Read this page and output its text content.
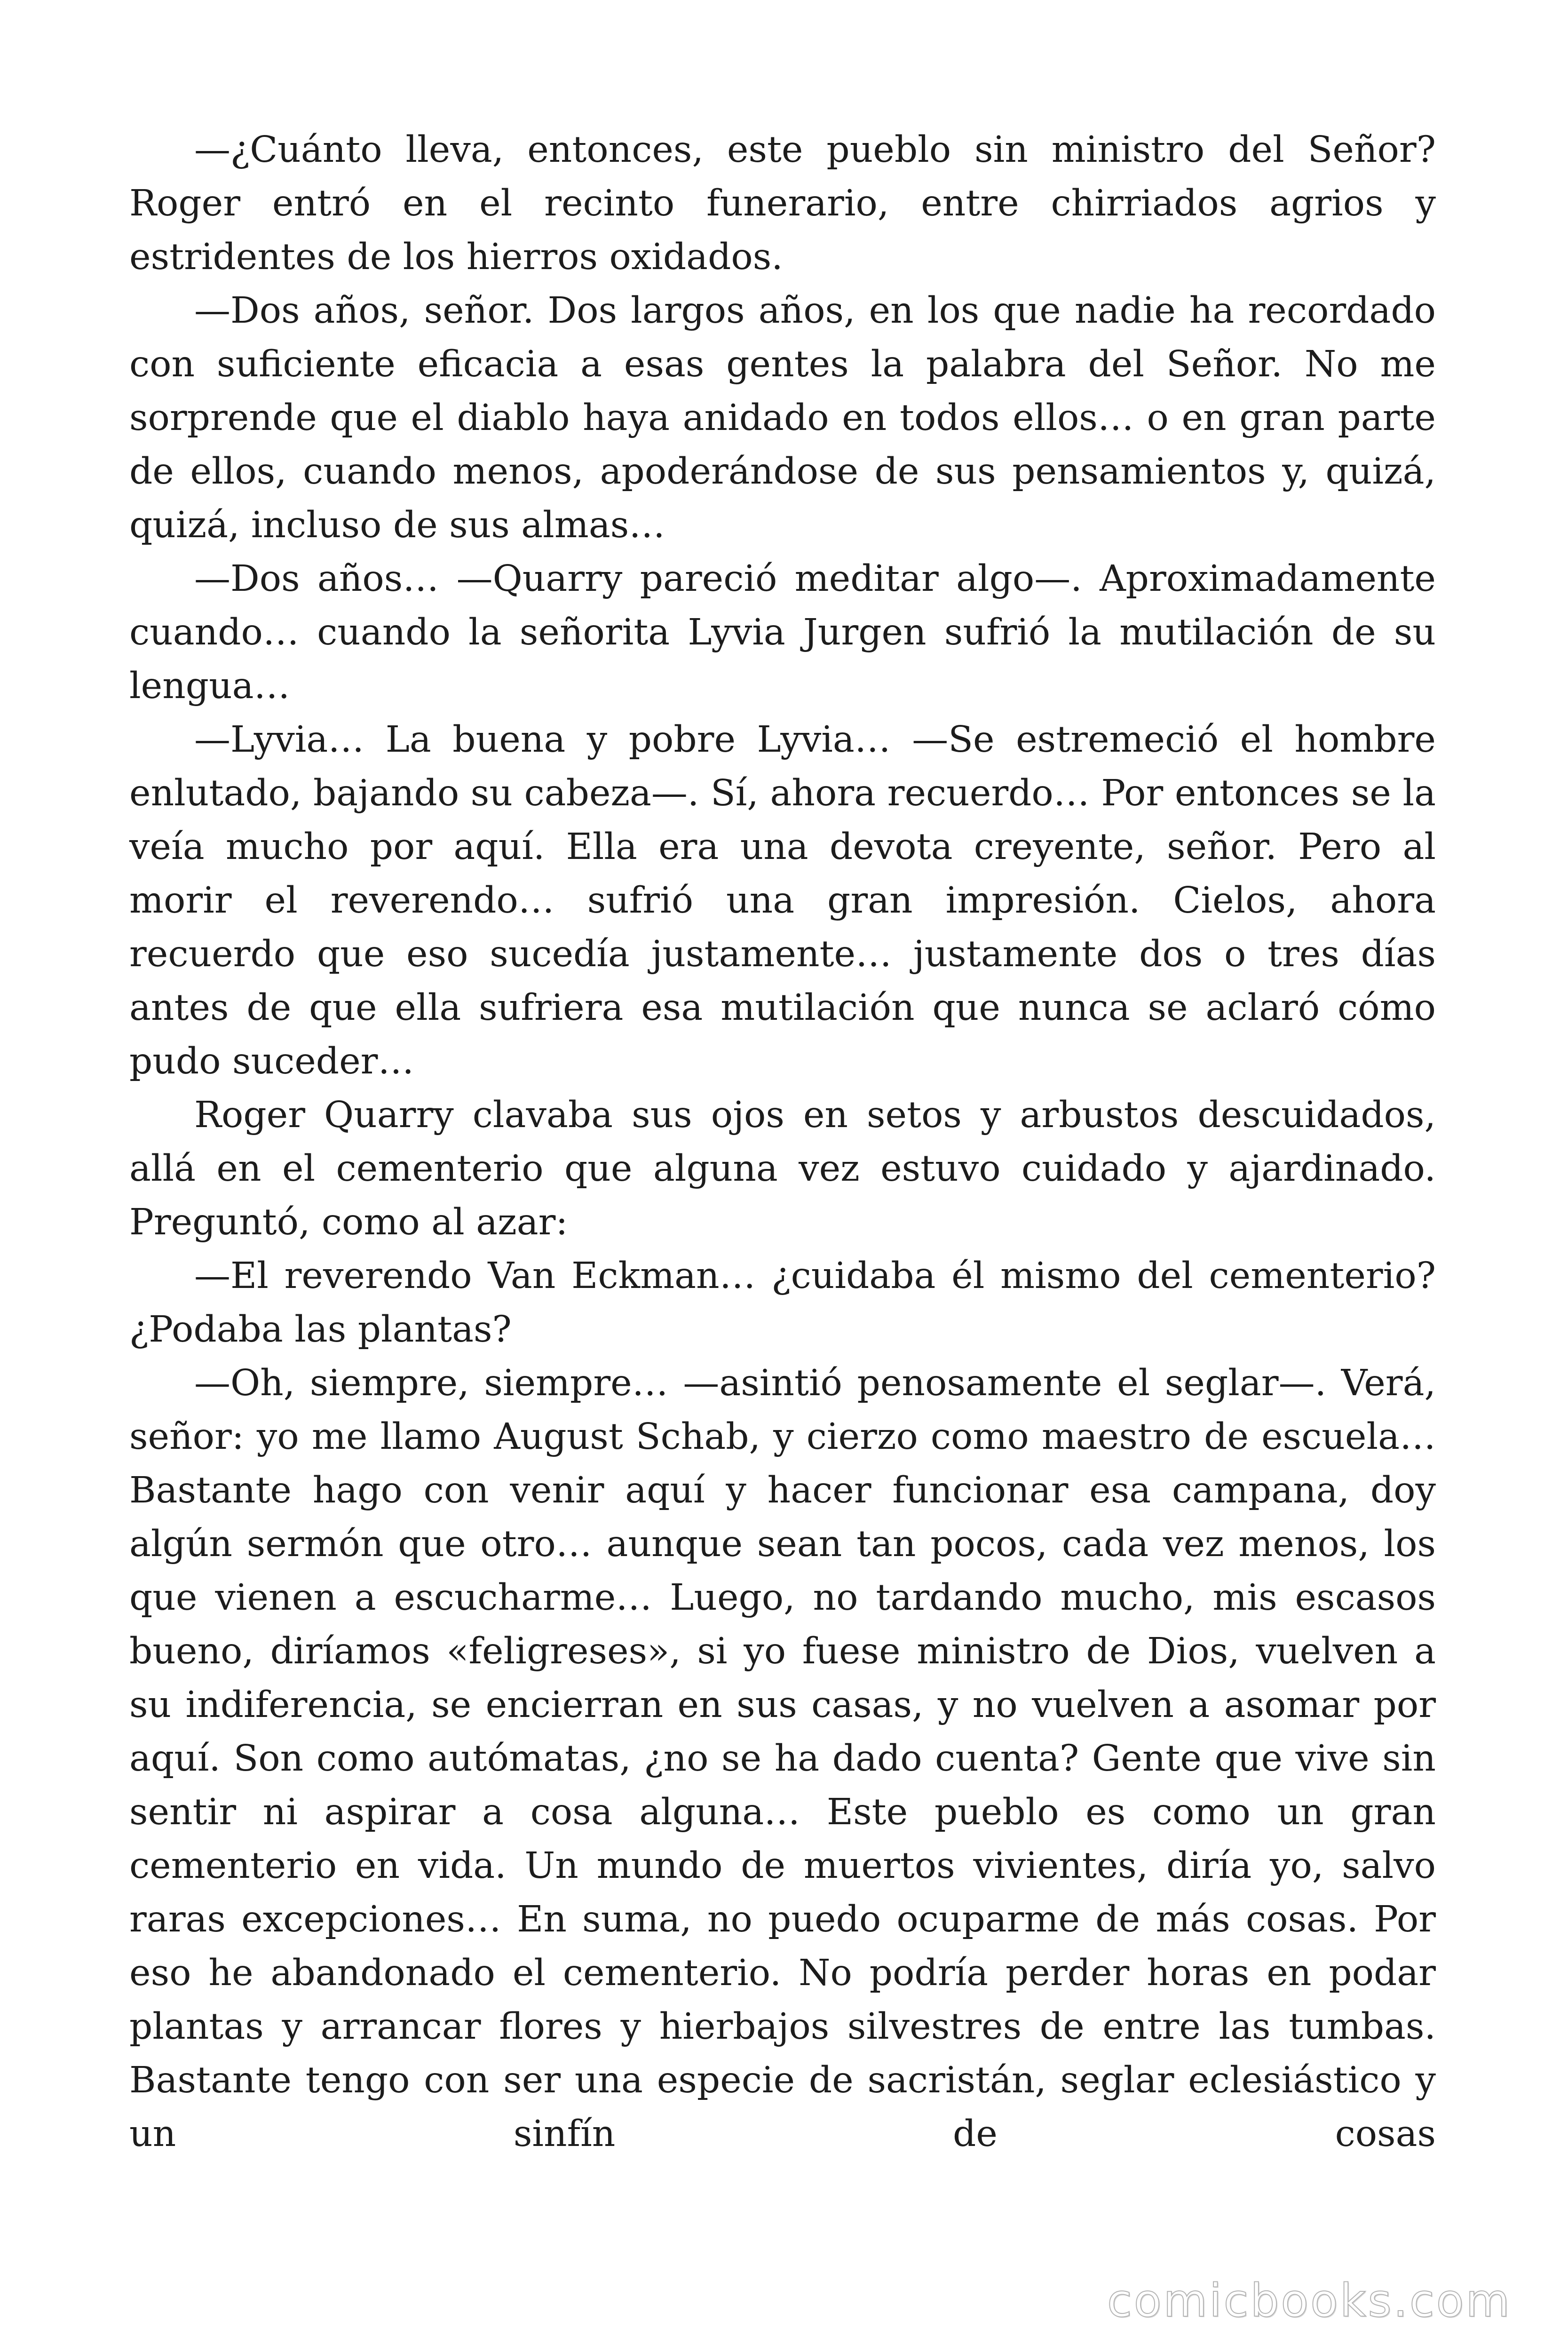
—¿Cuánto lleva, entonces, este pueblo sin ministro del Señor? Roger entró en el recinto funerario, entre chirriados agrios y estridentes de los hierros oxidados.

—Dos años, señor. Dos largos años, en los que nadie ha recordado con suficiente eficacia a esas gentes la palabra del Señor. No me sorprende que el diablo haya anidado en todos ellos… o en gran parte de ellos, cuando menos, apoderándose de sus pensamientos y, quizá, quizá, incluso de sus almas…

—Dos años… —Quarry pareció meditar algo—. Aproximadamente cuando… cuando la señorita Lyvia Jurgen sufrió la mutilación de su lengua…

—Lyvia… La buena y pobre Lyvia… —Se estremeció el hombre enlutado, bajando su cabeza—. Sí, ahora recuerdo… Por entonces se la veía mucho por aquí. Ella era una devota creyente, señor. Pero al morir el reverendo… sufrió una gran impresión. Cielos, ahora recuerdo que eso sucedía justamente… justamente dos o tres días antes de que ella sufriera esa mutilación que nunca se aclaró cómo pudo suceder…

Roger Quarry clavaba sus ojos en setos y arbustos descuidados, allá en el cementerio que alguna vez estuvo cuidado y ajardinado. Preguntó, como al azar:

—El reverendo Van Eckman… ¿cuidaba él mismo del cementerio? ¿Podaba las plantas?

—Oh, siempre, siempre… —asintió penosamente el seglar—. Verá, señor: yo me llamo August Schab, y cierzo como maestro de escuela… Bastante hago con venir aquí y hacer funcionar esa campana, doy algún sermón que otro… aunque sean tan pocos, cada vez menos, los que vienen a escucharme… Luego, no tardando mucho, mis escasos bueno, diríamos «feligreses», si yo fuese ministro de Dios, vuelven a su indiferencia, se encierran en sus casas, y no vuelven a asomar por aquí. Son como autómatas, ¿no se ha dado cuenta? Gente que vive sin sentir ni aspirar a cosa alguna… Este pueblo es como un gran cementerio en vida. Un mundo de muertos vivientes, diría yo, salvo raras excepciones… En suma, no puedo ocuparme de más cosas. Por eso he abandonado el cementerio. No podría perder horas en podar plantas y arrancar flores y hierbajos silvestres de entre las tumbas. Bastante tengo con ser una especie de sacristán, seglar eclesiástico y un sinfín de cosas

comicbooks.com
